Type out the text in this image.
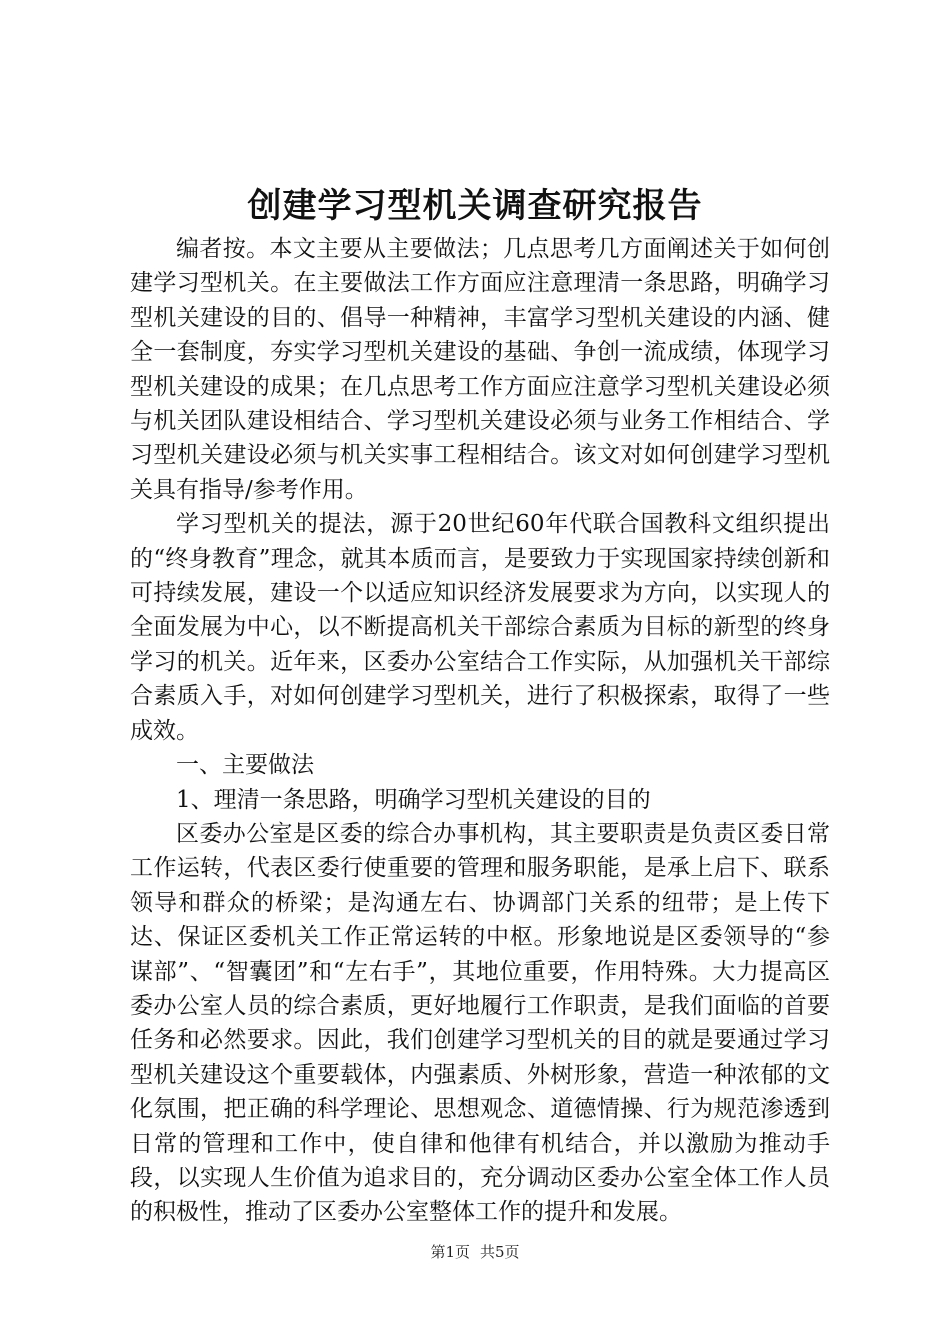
创建学习型机关调查研究报告

编者按。本文主要从主要做法；几点思考几方面阐述关于如何创建学习型机关。在主要做法工作方面应注意理清一条思路，明确学习型机关建设的目的、倡导一种精神，丰富学习型机关建设的内涵、健全一套制度，夯实学习型机关建设的基础、争创一流成绩，体现学习型机关建设的成果；在几点思考工作方面应注意学习型机关建设必须与机关团队建设相结合、学习型机关建设必须与业务工作相结合、学习型机关建设必须与机关实事工程相结合。该文对如何创建学习型机关具有指导/参考作用。

学习型机关的提法，源于20世纪60年代联合国教科文组织提出的“终身教育”理念，就其本质而言，是要致力于实现国家持续创新和可持续发展，建设一个以适应知识经济发展要求为方向，以实现人的全面发展为中心，以不断提高机关干部综合素质为目标的新型的终身学习的机关。近年来，区委办公室结合工作实际，从加强机关干部综合素质入手，对如何创建学习型机关，进行了积极探索，取得了一些成效。

一、主要做法

1、理清一条思路，明确学习型机关建设的目的

区委办公室是区委的综合办事机构，其主要职责是负责区委日常工作运转，代表区委行使重要的管理和服务职能，是承上启下、联系领导和群众的桥梁；是沟通左右、协调部门关系的纽带；是上传下达、保证区委机关工作正常运转的中枢。形象地说是区委领导的“参谋部”、“智囊团”和“左右手”，其地位重要，作用特殊。大力提高区委办公室人员的综合素质，更好地履行工作职责，是我们面临的首要任务和必然要求。因此，我们创建学习型机关的目的就是要通过学习型机关建设这个重要载体，内强素质、外树形象，营造一种浓郁的文化氛围，把正确的科学理论、思想观念、道德情操、行为规范渗透到日常的管理和工作中，使自律和他律有机结合，并以激励为推动手段，以实现人生价值为追求目的，充分调动区委办公室全体工作人员的积极性，推动了区委办公室整体工作的提升和发展。

第1页 共5页
